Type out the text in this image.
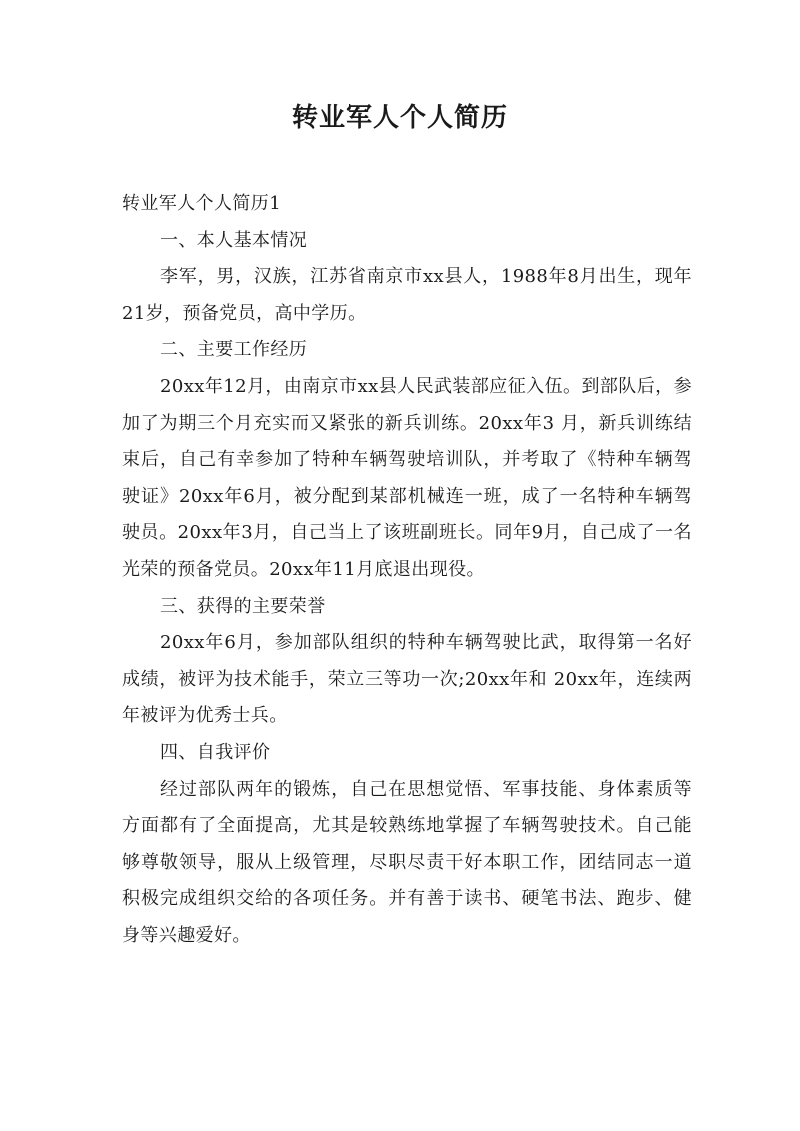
转业军人个人简历

转业军人个人简历1

一、本人基本情况

李军，男，汉族，江苏省南京市xx县人，1988年8月出生，现年21岁，预备党员，高中学历。

二、主要工作经历

20xx年12月，由南京市xx县人民武装部应征入伍。到部队后，参加了为期三个月充实而又紧张的新兵训练。20xx年3 月，新兵训练结束后，自己有幸参加了特种车辆驾驶培训队，并考取了《特种车辆驾驶证》20xx年6月，被分配到某部机械连一班，成了一名特种车辆驾驶员。20xx年3月，自己当上了该班副班长。同年9月，自己成了一名光荣的预备党员。20xx年11月底退出现役。

三、获得的主要荣誉

20xx年6月，参加部队组织的特种车辆驾驶比武，取得第一名好成绩，被评为技术能手，荣立三等功一次;20xx年和 20xx年，连续两年被评为优秀士兵。

四、自我评价

经过部队两年的锻炼，自己在思想觉悟、军事技能、身体素质等方面都有了全面提高，尤其是较熟练地掌握了车辆驾驶技术。自己能够尊敬领导，服从上级管理，尽职尽责干好本职工作，团结同志一道积极完成组织交给的各项任务。并有善于读书、硬笔书法、跑步、健身等兴趣爱好。
